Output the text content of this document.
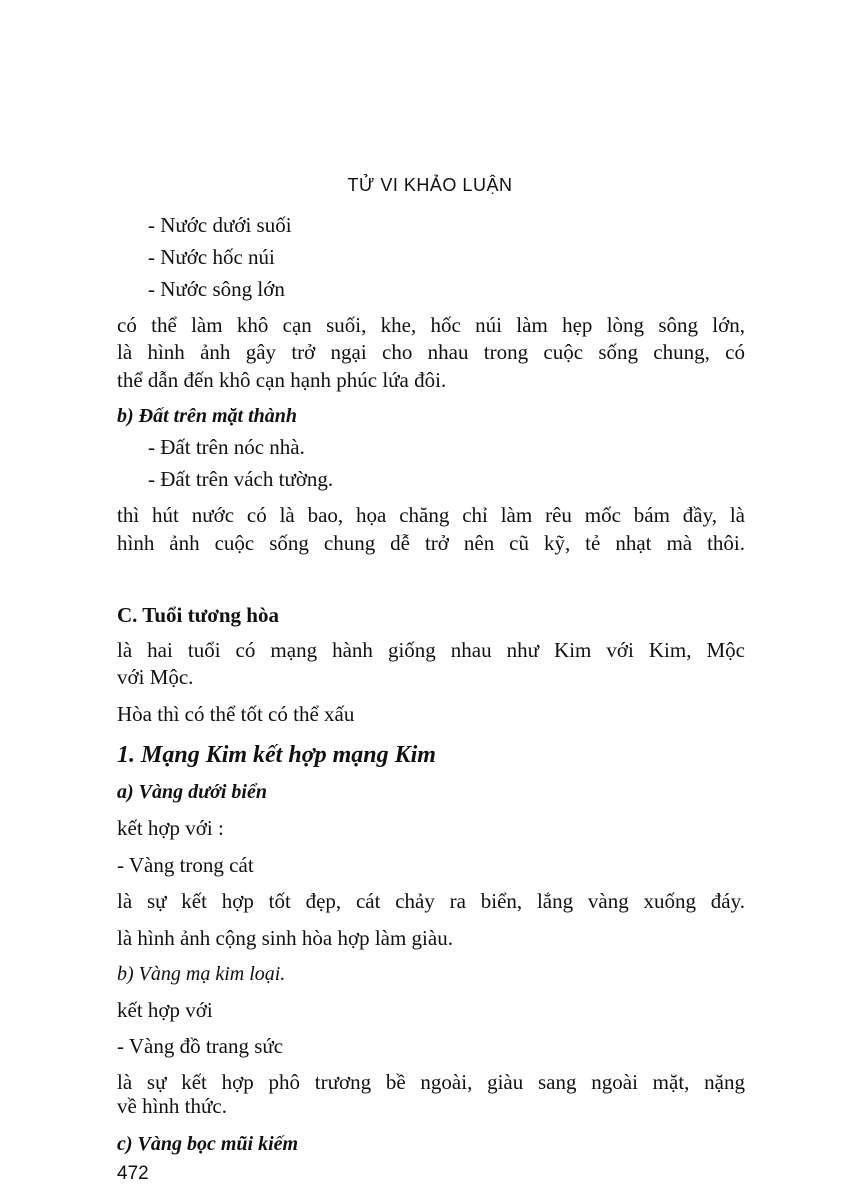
TỬ VI KHẢO LUẬN
- Nước dưới suối
- Nước hốc núi
- Nước sông lớn
có thể làm khô cạn suối, khe, hốc núi làm hẹp lòng sông lớn,
là hình ảnh gây trở ngại cho nhau trong cuộc sống chung, có
thể dẫn đến khô cạn hạnh phúc lứa đôi.
b) Đất trên mặt thành
- Đất trên nóc nhà.
- Đất trên vách tường.
thì hút nước có là bao, họa chăng chỉ làm rêu mốc bám đầy, là
hình ảnh cuộc sống chung dễ trở nên cũ kỹ, tẻ nhạt mà thôi.
C. Tuổi tương hòa
là hai tuổi có mạng hành giống nhau như Kim với Kim, Mộc
với Mộc.
Hòa thì có thể tốt có thể xấu
1. Mạng Kim kết hợp mạng Kim
a) Vàng dưới biển
kết hợp với :
- Vàng trong cát
là sự kết hợp tốt đẹp, cát chảy ra biển, lắng vàng xuống đáy.
là hình ảnh cộng sinh hòa hợp làm giàu.
b) Vàng mạ kim loại.
kết hợp với
- Vàng đồ trang sức
là sự kết hợp phô trương bề ngoài, giàu sang ngoài mặt, nặng
về hình thức.
c) Vàng bọc mũi kiếm
472
